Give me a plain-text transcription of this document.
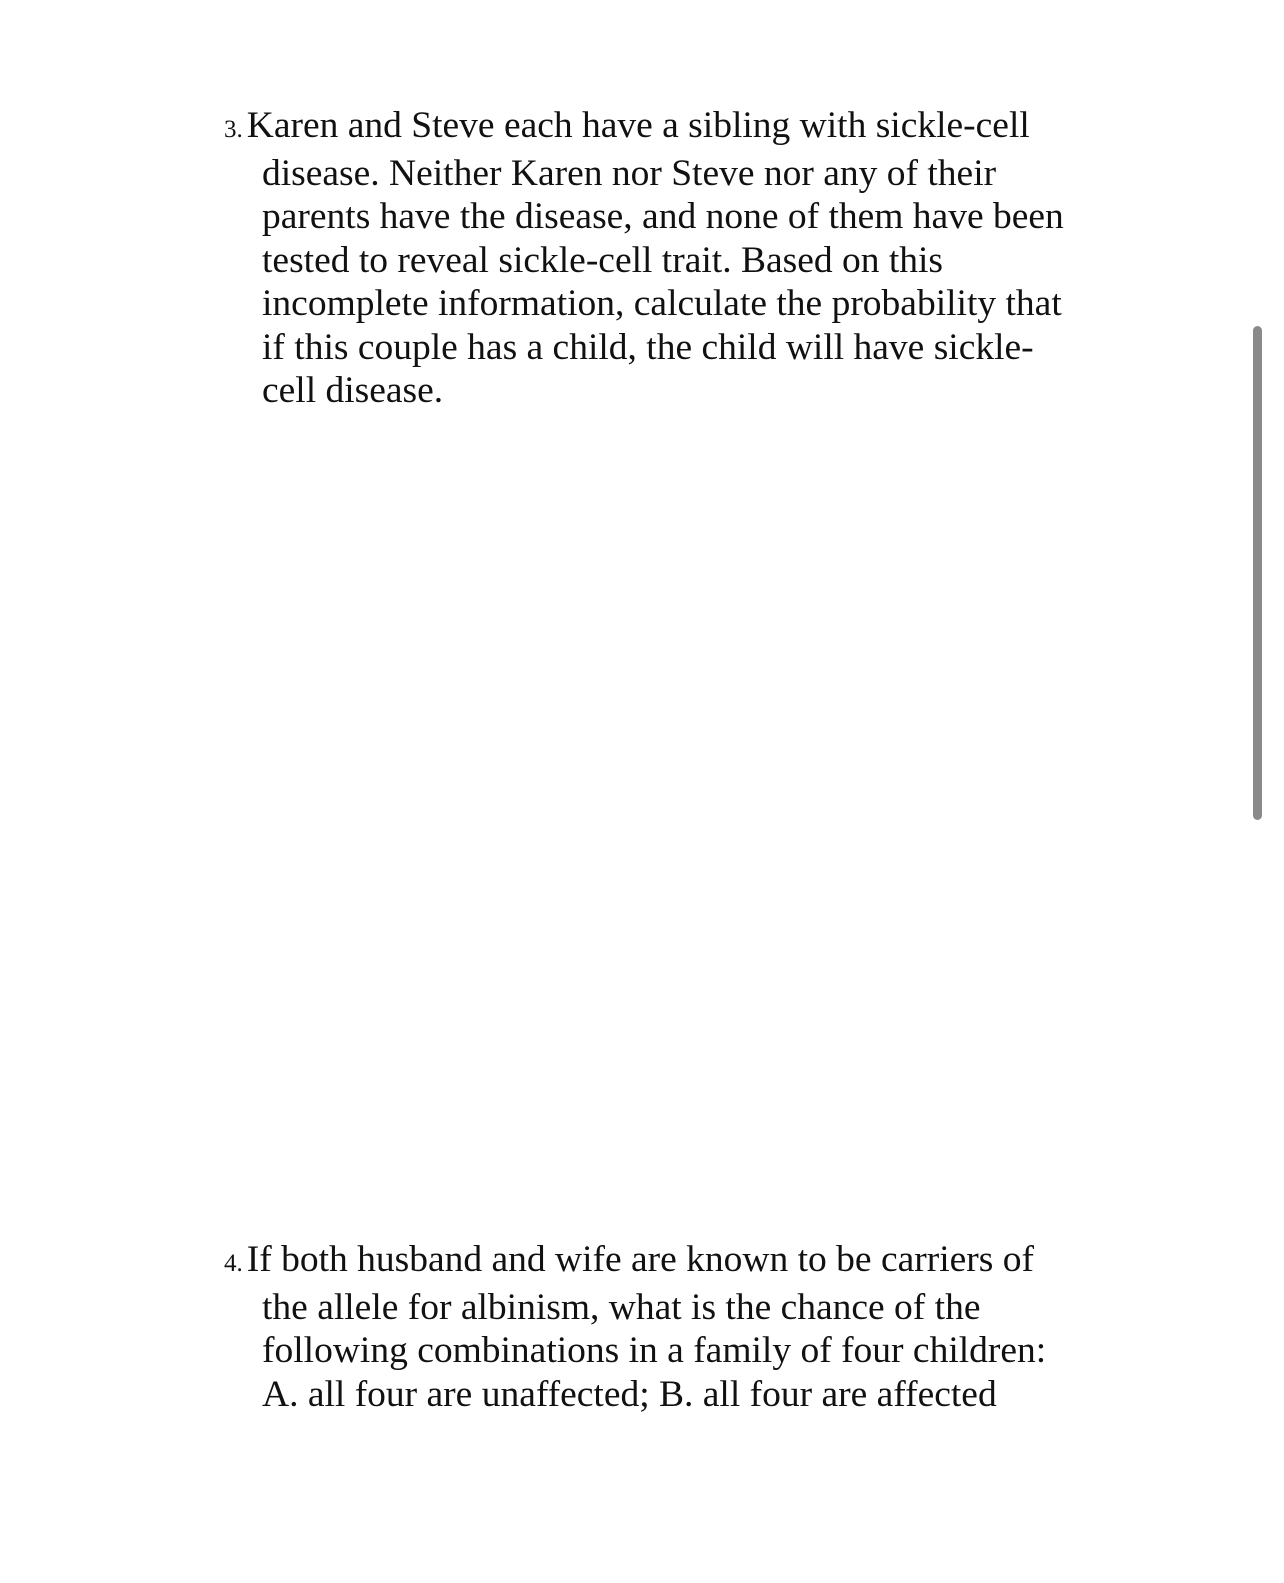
3. Karen and Steve each have a sibling with sickle-cell
disease. Neither Karen nor Steve nor any of their
parents have the disease, and none of them have been
tested to reveal sickle-cell trait. Based on this
incomplete information, calculate the probability that
if this couple has a child, the child will have sickle-
cell disease.
4. If both husband and wife are known to be carriers of
the allele for albinism, what is the chance of the
following combinations in a family of four children:
A. all four are unaffected; B. all four are affected
